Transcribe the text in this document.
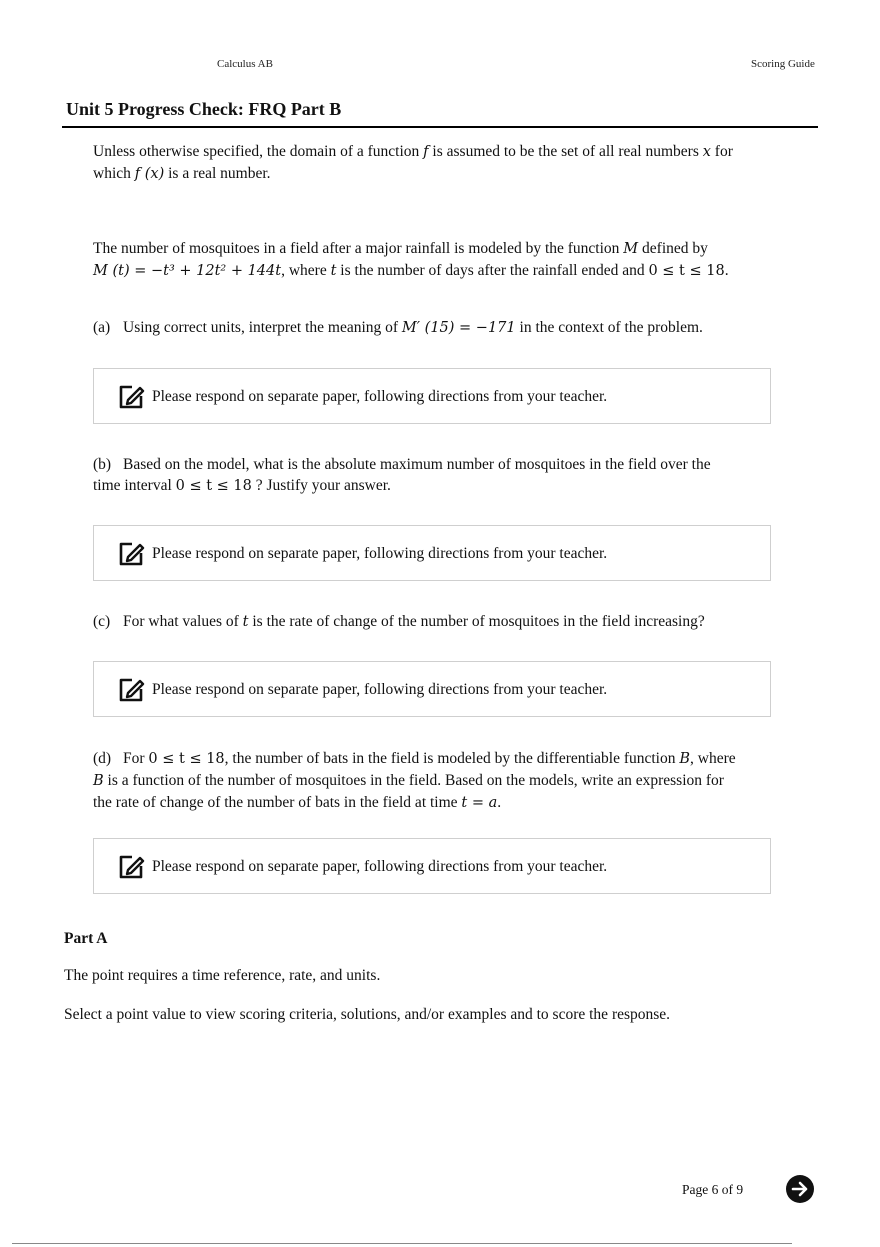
Calculus AB	Scoring Guide
Unit 5 Progress Check: FRQ Part B
Unless otherwise specified, the domain of a function f is assumed to be the set of all real numbers x for
which f (x) is a real number.
The number of mosquitoes in a field after a major rainfall is modeled by the function M defined by
M (t) = −t³ + 12t² + 144t, where t is the number of days after the rainfall ended and 0 ≤ t ≤ 18.
(a) Using correct units, interpret the meaning of M′ (15) = −171 in the context of the problem.
Please respond on separate paper, following directions from your teacher.
(b) Based on the model, what is the absolute maximum number of mosquitoes in the field over the
time interval 0 ≤ t ≤ 18 ? Justify your answer.
Please respond on separate paper, following directions from your teacher.
(c) For what values of t is the rate of change of the number of mosquitoes in the field increasing?
Please respond on separate paper, following directions from your teacher.
(d) For 0 ≤ t ≤ 18, the number of bats in the field is modeled by the differentiable function B, where
B is a function of the number of mosquitoes in the field. Based on the models, write an expression for
the rate of change of the number of bats in the field at time t = a.
Please respond on separate paper, following directions from your teacher.
Part A
The point requires a time reference, rate, and units.
Select a point value to view scoring criteria, solutions, and/or examples and to score the response.
Page 6 of 9
